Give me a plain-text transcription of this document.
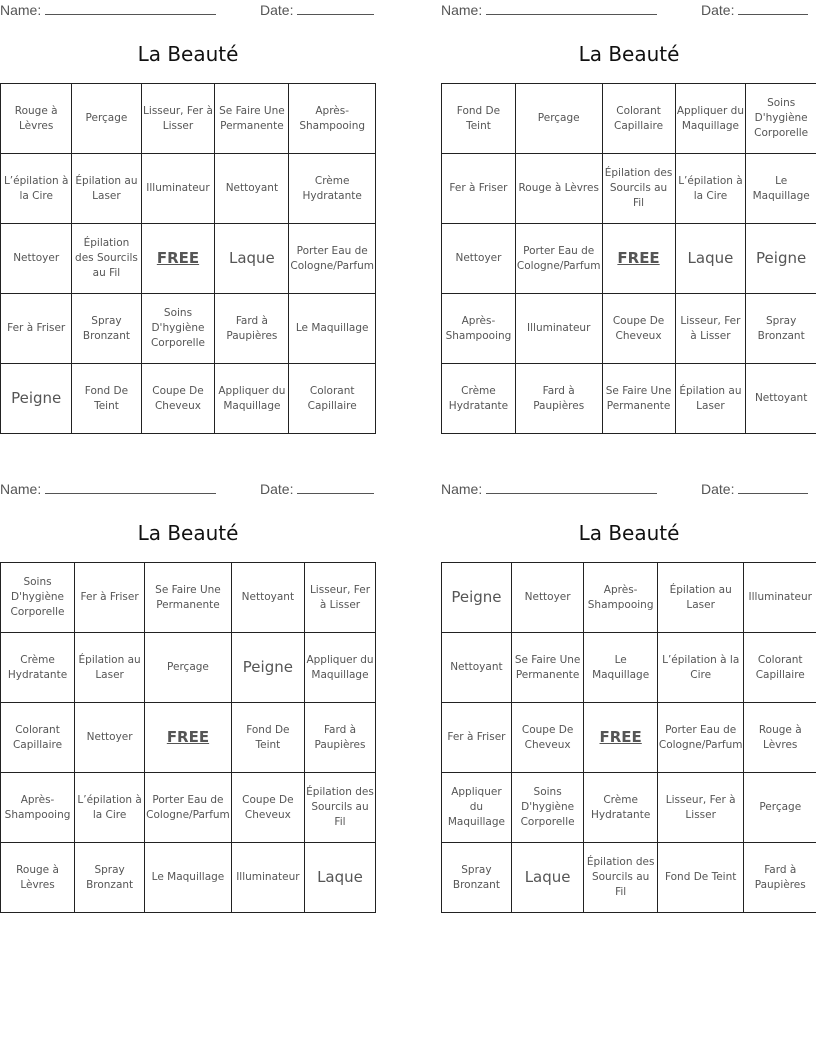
Name:	Date:
La Beauté
Rouge à Lèvres	Perçage	Lisseur, Fer à Lisser	Se Faire Une Permanente	Après-Shampooing
L’épilation à la Cire	Épilation au Laser	Illuminateur	Nettoyant	Crème Hydratante
Nettoyer	Épilation des Sourcils au Fil	FREE	Laque	Porter Eau de Cologne/Parfum
Fer à Friser	Spray Bronzant	Soins D'hygiène Corporelle	Fard à Paupières	Le Maquillage
Peigne	Fond De Teint	Coupe De Cheveux	Appliquer du Maquillage	Colorant Capillaire
Name:	Date:
La Beauté
Fond De Teint	Perçage	Colorant Capillaire	Appliquer du Maquillage	Soins D'hygiène Corporelle
Fer à Friser	Rouge à Lèvres	Épilation des Sourcils au Fil	L’épilation à la Cire	Le Maquillage
Nettoyer	Porter Eau de Cologne/Parfum	FREE	Laque	Peigne
Après-Shampooing	Illuminateur	Coupe De Cheveux	Lisseur, Fer à Lisser	Spray Bronzant
Crème Hydratante	Fard à Paupières	Se Faire Une Permanente	Épilation au Laser	Nettoyant
Name:	Date:
La Beauté
Soins D'hygiène Corporelle	Fer à Friser	Se Faire Une Permanente	Nettoyant	Lisseur, Fer à Lisser
Crème Hydratante	Épilation au Laser	Perçage	Peigne	Appliquer du Maquillage
Colorant Capillaire	Nettoyer	FREE	Fond De Teint	Fard à Paupières
Après-Shampooing	L’épilation à la Cire	Porter Eau de Cologne/Parfum	Coupe De Cheveux	Épilation des Sourcils au Fil
Rouge à Lèvres	Spray Bronzant	Le Maquillage	Illuminateur	Laque
Name:	Date:
La Beauté
Peigne	Nettoyer	Après-Shampooing	Épilation au Laser	Illuminateur
Nettoyant	Se Faire Une Permanente	Le Maquillage	L’épilation à la Cire	Colorant Capillaire
Fer à Friser	Coupe De Cheveux	FREE	Porter Eau de Cologne/Parfum	Rouge à Lèvres
Appliquer du Maquillage	Soins D'hygiène Corporelle	Crème Hydratante	Lisseur, Fer à Lisser	Perçage
Spray Bronzant	Laque	Épilation des Sourcils au Fil	Fond De Teint	Fard à Paupières
